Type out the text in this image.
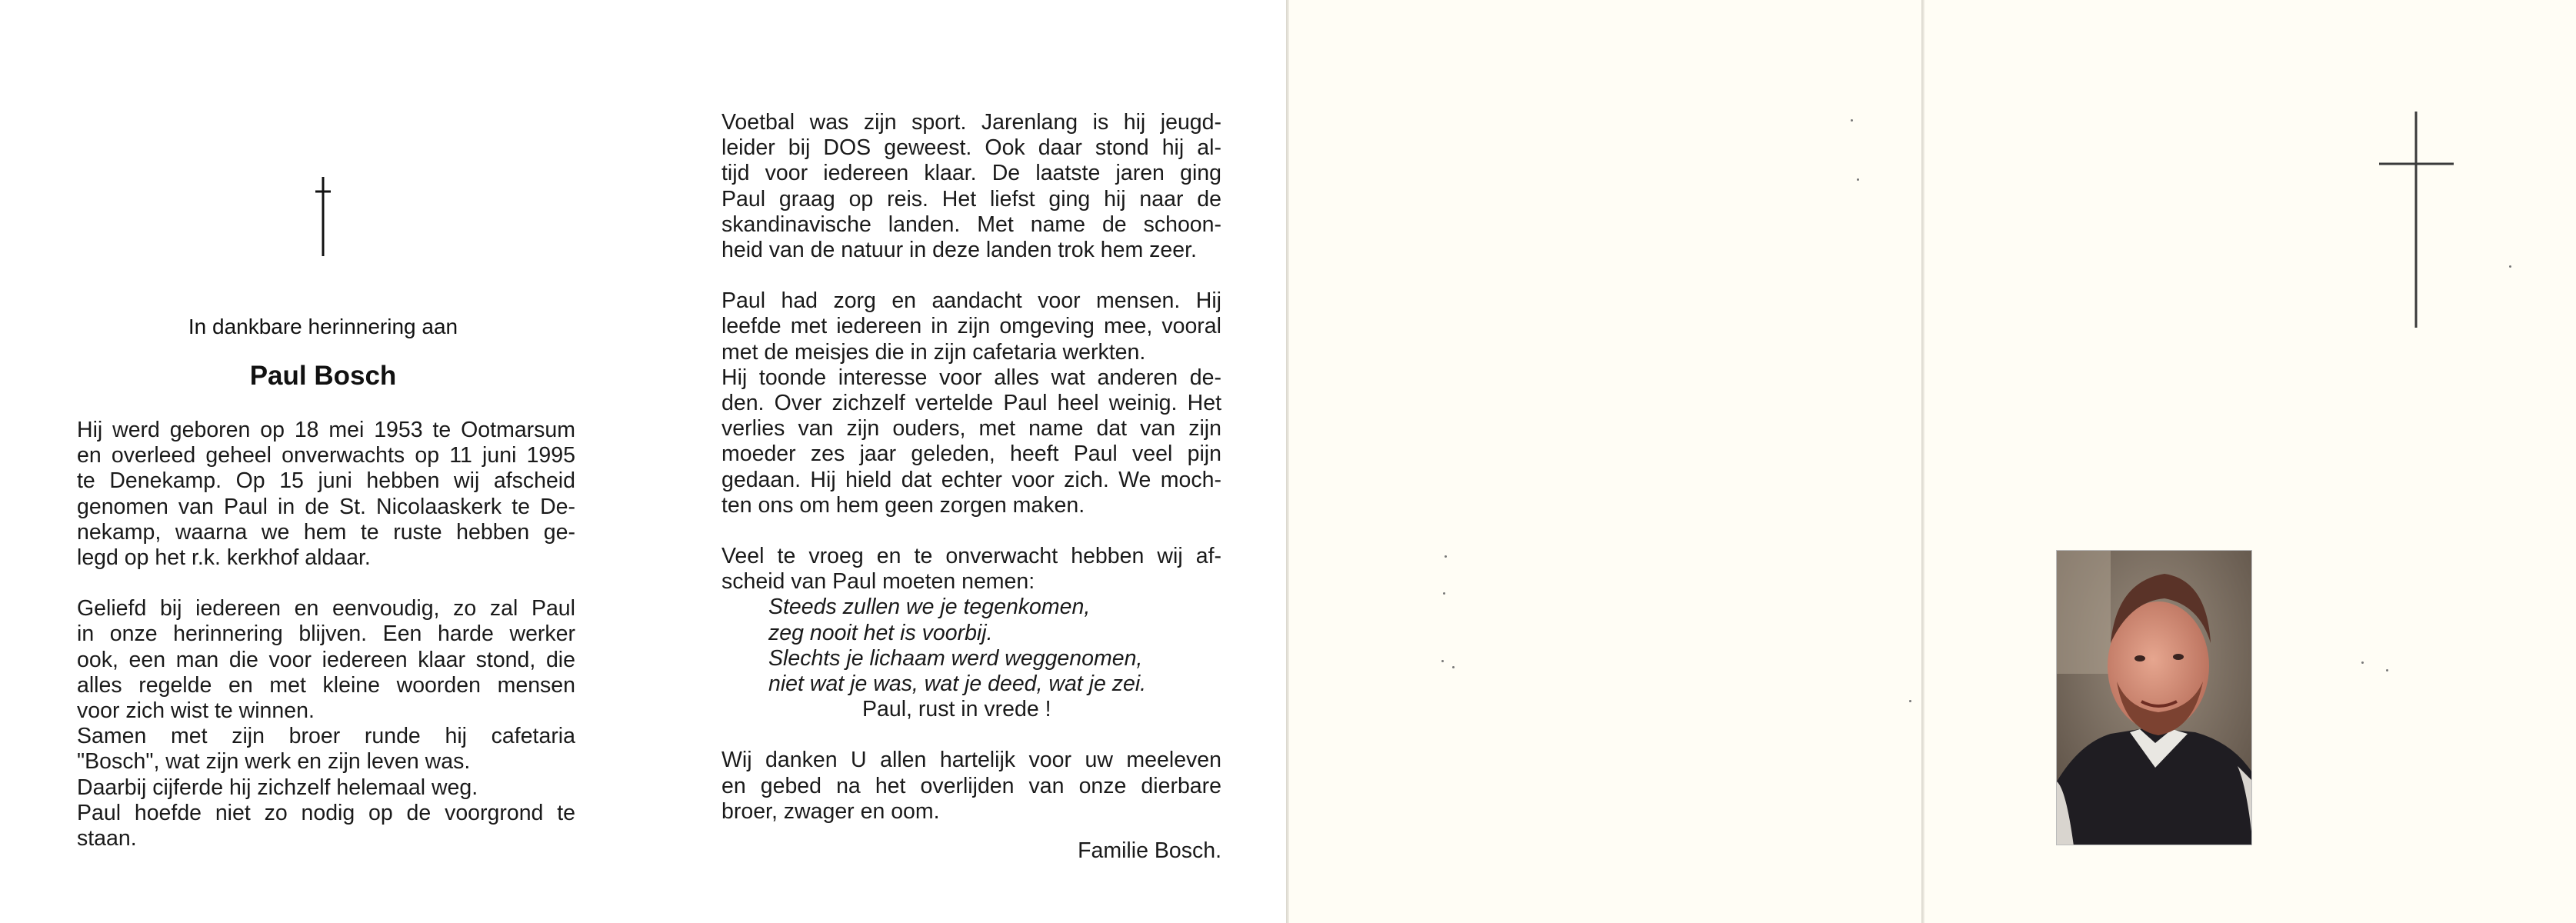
In dankbare herinnering aan
Paul Bosch
Hij werd geboren op 18 mei 1953 te Ootmarsum
en overleed geheel onverwachts op 11 juni 1995
te Denekamp. Op 15 juni hebben wij afscheid
genomen van Paul in de St. Nicolaaskerk te De-
nekamp, waarna we hem te ruste hebben ge-
legd op het r.k. kerkhof aldaar.
Geliefd bij iedereen en eenvoudig, zo zal Paul
in onze herinnering blijven. Een harde werker
ook, een man die voor iedereen klaar stond, die
alles regelde en met kleine woorden mensen
voor zich wist te winnen.
Samen met zijn broer runde hij cafetaria
"Bosch", wat zijn werk en zijn leven was.
Daarbij cijferde hij zichzelf helemaal weg.
Paul hoefde niet zo nodig op de voorgrond te
staan.
Voetbal was zijn sport. Jarenlang is hij jeugd-
leider bij DOS geweest. Ook daar stond hij al-
tijd voor iedereen klaar. De laatste jaren ging
Paul graag op reis. Het liefst ging hij naar de
skandinavische landen. Met name de schoon-
heid van de natuur in deze landen trok hem zeer.
Paul had zorg en aandacht voor mensen. Hij
leefde met iedereen in zijn omgeving mee, vooral
met de meisjes die in zijn cafetaria werkten.
Hij toonde interesse voor alles wat anderen de-
den. Over zichzelf vertelde Paul heel weinig. Het
verlies van zijn ouders, met name dat van zijn
moeder zes jaar geleden, heeft Paul veel pijn
gedaan. Hij hield dat echter voor zich. We moch-
ten ons om hem geen zorgen maken.
Veel te vroeg en te onverwacht hebben wij af-
scheid van Paul moeten nemen:
Steeds zullen we je tegenkomen,
zeg nooit het is voorbij.
Slechts je lichaam werd weggenomen,
niet wat je was, wat je deed, wat je zei.
Paul, rust in vrede !
Wij danken U allen hartelijk voor uw meeleven
en gebed na het overlijden van onze dierbare
broer, zwager en oom.
Familie Bosch.
